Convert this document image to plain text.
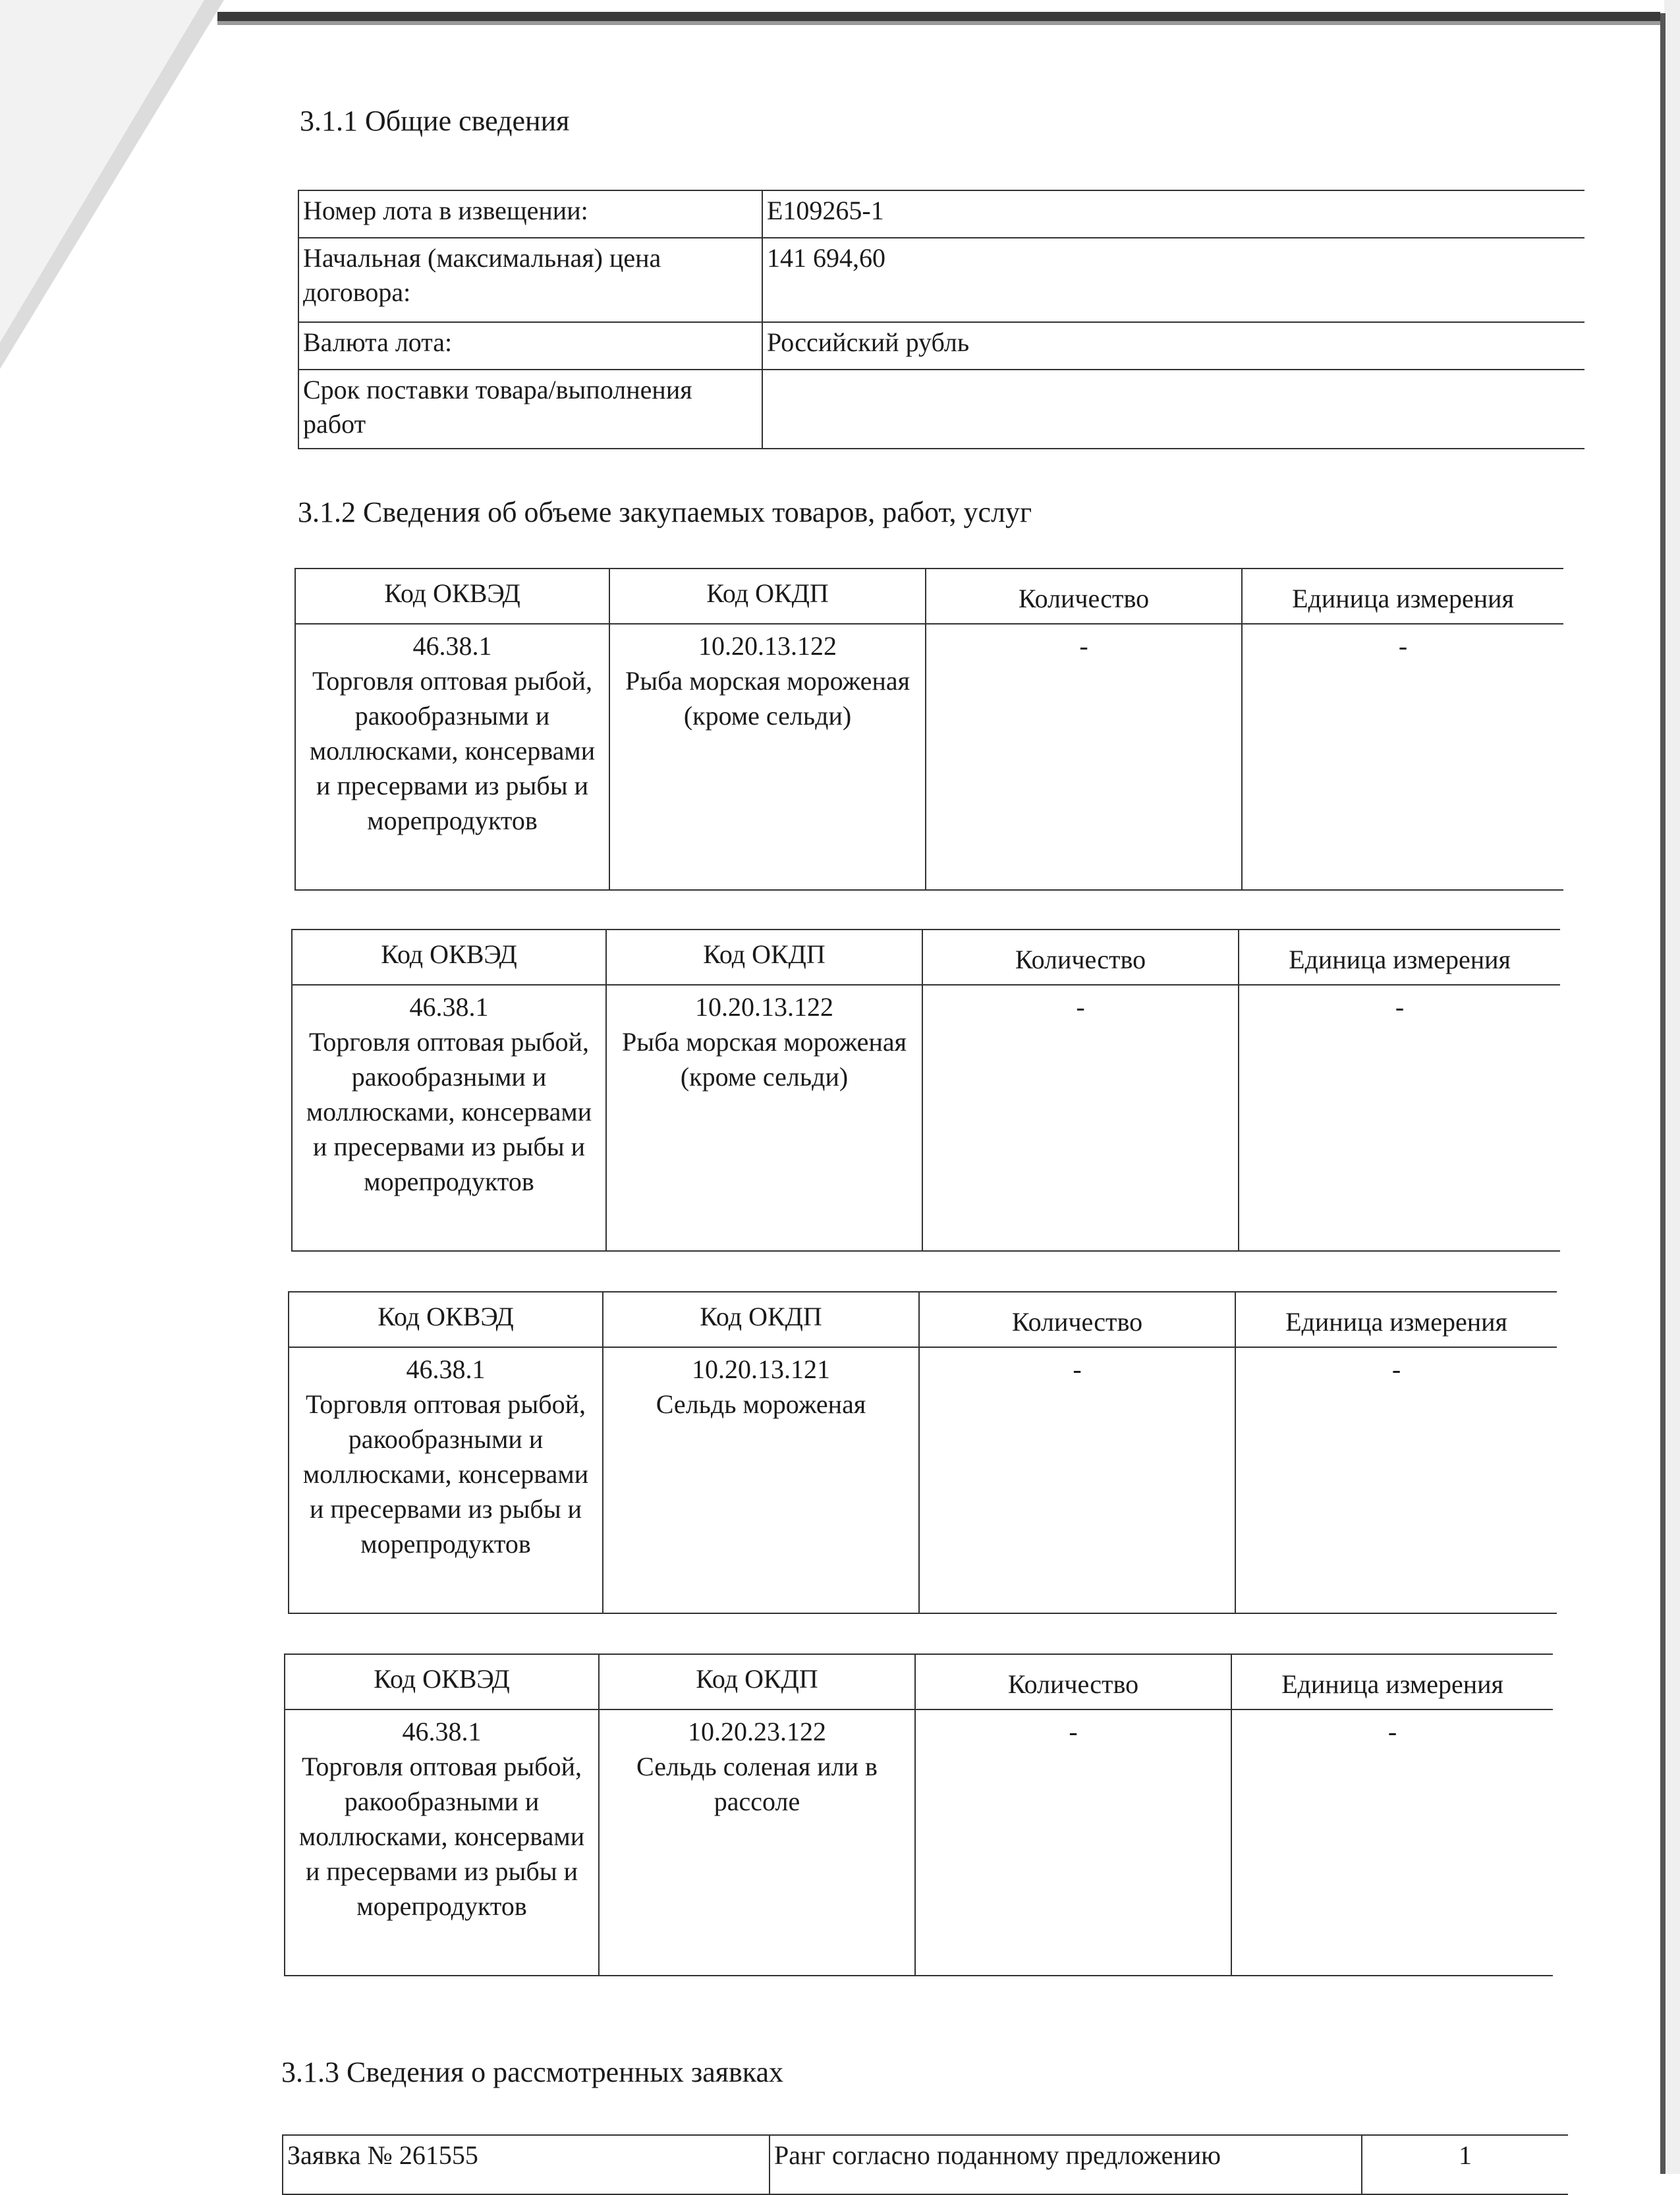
3.1.1 Общие сведения
Номер лота в извещении:	E109265-1
Начальная (максимальная) цена договора:	141 694,60
Валюта лота:	Российский рубль
Срок поставки товара/выполнения работ	
3.1.2 Сведения об объеме закупаемых товаров, работ, услуг
Код ОКВЭД	Код ОКДП	Количество	Единица измерения

46.38.1
Торговля оптовая рыбой, ракообразными и моллюсками, консервами и пресервами из рыбы и морепродуктов	10.20.13.122
Рыба морская мороженая (кроме сельди)	-	-
Код ОКВЭД	Код ОКДП	Количество	Единица измерения

46.38.1
Торговля оптовая рыбой, ракообразными и моллюсками, консервами и пресервами из рыбы и морепродуктов	10.20.13.122
Рыба морская мороженая (кроме сельди)	-	-
Код ОКВЭД	Код ОКДП	Количество	Единица измерения

46.38.1
Торговля оптовая рыбой, ракообразными и моллюсками, консервами и пресервами из рыбы и морепродуктов	10.20.13.121
Сельдь мороженая	-	-
Код ОКВЭД	Код ОКДП	Количество	Единица измерения

46.38.1
Торговля оптовая рыбой, ракообразными и моллюсками, консервами и пресервами из рыбы и морепродуктов	10.20.23.122
Сельдь соленая или в рассоле	-	-
3.1.3 Сведения о рассмотренных заявках
Заявка № 261555	Ранг согласно поданному предложению	1
